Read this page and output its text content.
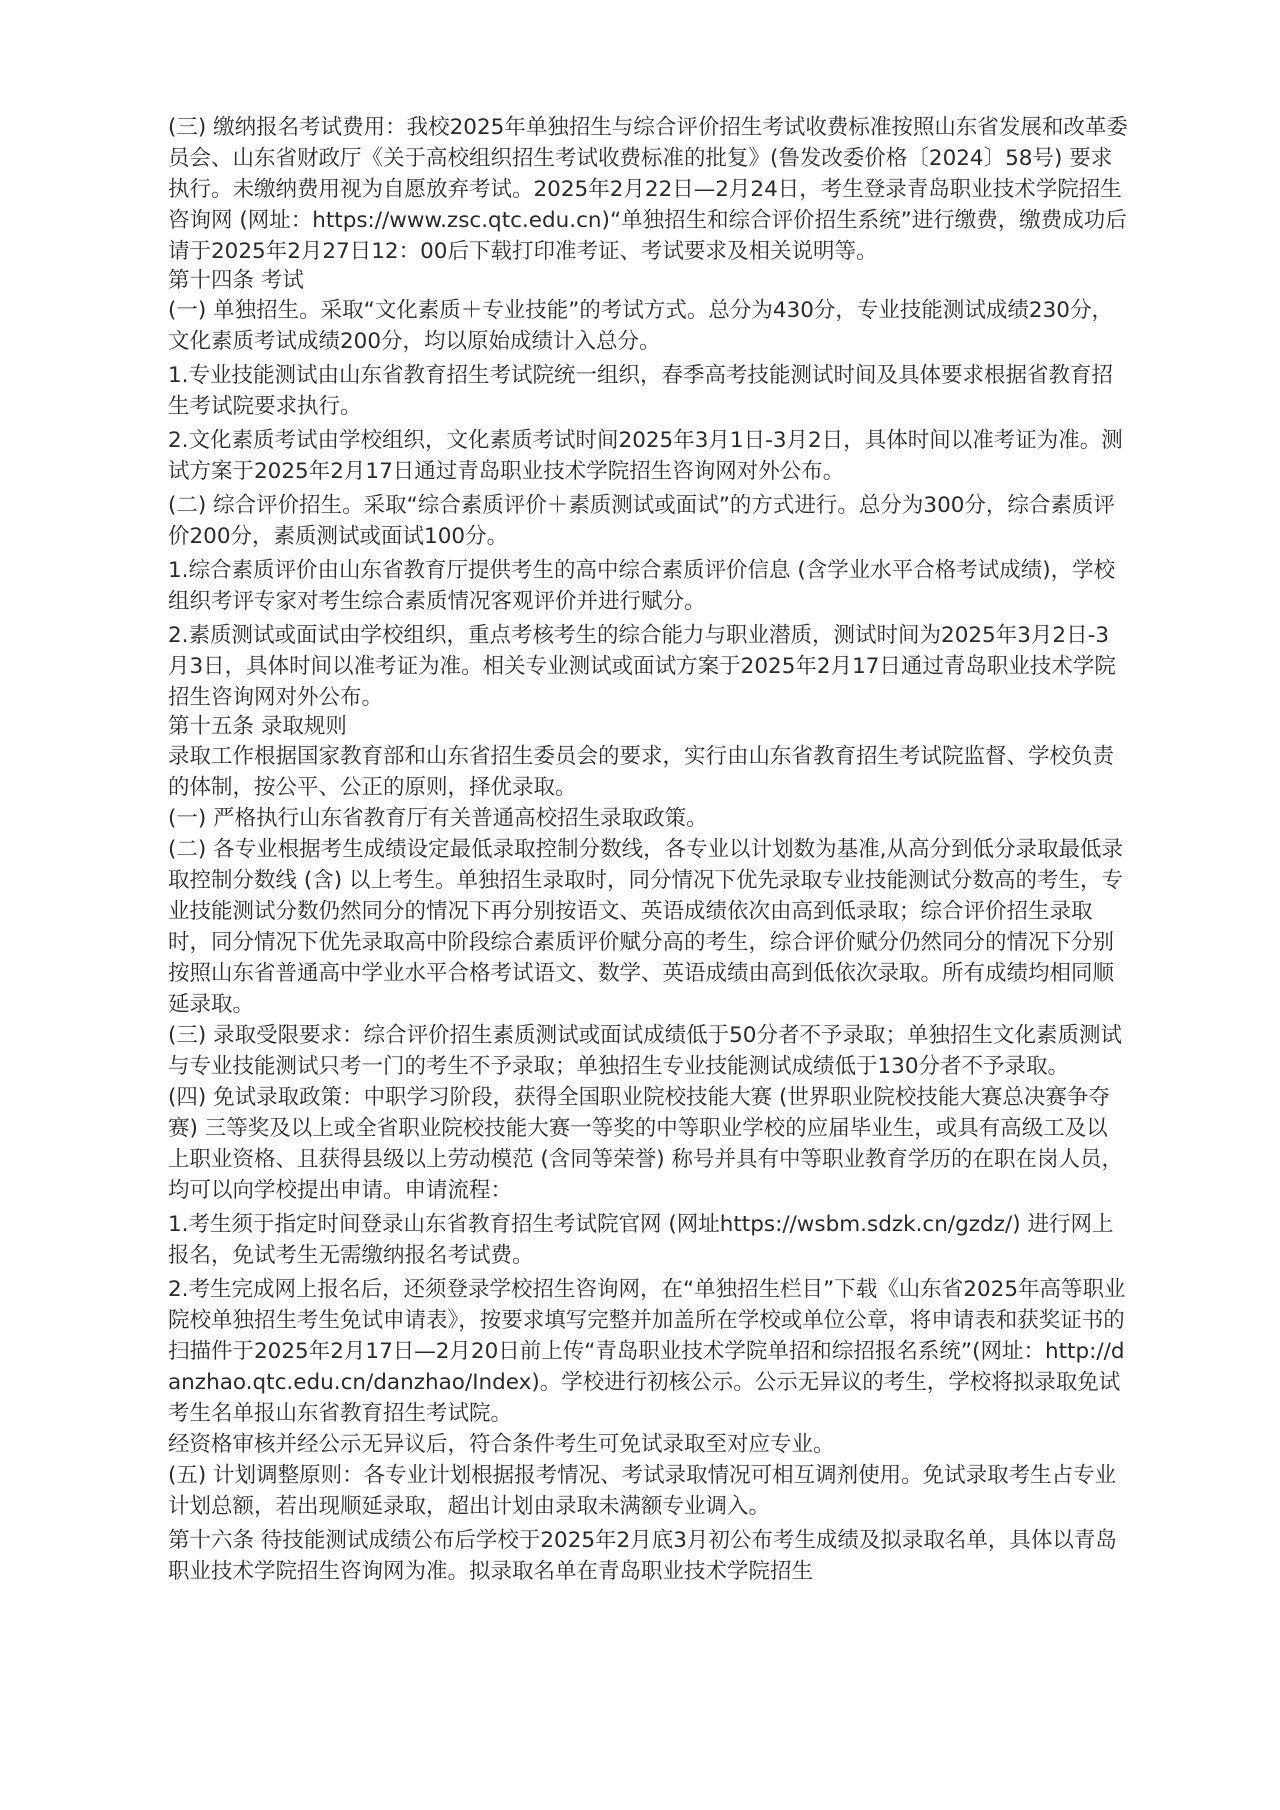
(三) 缴纳报名考试费用：我校2025年单独招生与综合评价招生考试收费标准按照山东省发展和改革委员会、山东省财政厅《关于高校组织招生考试收费标准的批复》(鲁发改委价格〔2024〕58号) 要求执行。未缴纳费用视为自愿放弃考试。2025年2月22日—2月24日，考生登录青岛职业技术学院招生咨询网 (网址：https://www.zsc.qtc.edu.cn)“单独招生和综合评价招生系统”进行缴费，缴费成功后请于2025年2月27日12：00后下载打印准考证、考试要求及相关说明等。

第十四条 考试

(一) 单独招生。采取“文化素质＋专业技能”的考试方式。总分为430分，专业技能测试成绩230分，文化素质考试成绩200分，均以原始成绩计入总分。

1.专业技能测试由山东省教育招生考试院统一组织，春季高考技能测试时间及具体要求根据省教育招生考试院要求执行。

2.文化素质考试由学校组织，文化素质考试时间2025年3月1日-3月2日，具体时间以准考证为准。测试方案于2025年2月17日通过青岛职业技术学院招生咨询网对外公布。

(二) 综合评价招生。采取“综合素质评价＋素质测试或面试”的方式进行。总分为300分，综合素质评价200分，素质测试或面试100分。

1.综合素质评价由山东省教育厅提供考生的高中综合素质评价信息 (含学业水平合格考试成绩)，学校组织考评专家对考生综合素质情况客观评价并进行赋分。

2.素质测试或面试由学校组织，重点考核考生的综合能力与职业潜质，测试时间为2025年3月2日-3月3日，具体时间以准考证为准。相关专业测试或面试方案于2025年2月17日通过青岛职业技术学院招生咨询网对外公布。

第十五条 录取规则

录取工作根据国家教育部和山东省招生委员会的要求，实行由山东省教育招生考试院监督、学校负责的体制，按公平、公正的原则，择优录取。

(一) 严格执行山东省教育厅有关普通高校招生录取政策。

(二) 各专业根据考生成绩设定最低录取控制分数线，各专业以计划数为基准,从高分到低分录取最低录取控制分数线 (含) 以上考生。单独招生录取时，同分情况下优先录取专业技能测试分数高的考生，专业技能测试分数仍然同分的情况下再分别按语文、英语成绩依次由高到低录取；综合评价招生录取时，同分情况下优先录取高中阶段综合素质评价赋分高的考生，综合评价赋分仍然同分的情况下分别按照山东省普通高中学业水平合格考试语文、数学、英语成绩由高到低依次录取。所有成绩均相同顺延录取。

(三) 录取受限要求：综合评价招生素质测试或面试成绩低于50分者不予录取；单独招生文化素质测试与专业技能测试只考一门的考生不予录取；单独招生专业技能测试成绩低于130分者不予录取。

(四) 免试录取政策：中职学习阶段，获得全国职业院校技能大赛 (世界职业院校技能大赛总决赛争夺赛) 三等奖及以上或全省职业院校技能大赛一等奖的中等职业学校的应届毕业生，或具有高级工及以上职业资格、且获得县级以上劳动模范 (含同等荣誉) 称号并具有中等职业教育学历的在职在岗人员，均可以向学校提出申请。申请流程：

1.考生须于指定时间登录山东省教育招生考试院官网 (网址https://wsbm.sdzk.cn/gzdz/) 进行网上报名，免试考生无需缴纳报名考试费。

2.考生完成网上报名后，还须登录学校招生咨询网，在“单独招生栏目”下载《山东省2025年高等职业院校单独招生考生免试申请表》，按要求填写完整并加盖所在学校或单位公章，将申请表和获奖证书的扫描件于2025年2月17日—2月20日前上传“青岛职业技术学院单招和综招报名系统”(网址：http://danzhao.qtc.edu.cn/danzhao/Index)。学校进行初核公示。公示无异议的考生，学校将拟录取免试考生名单报山东省教育招生考试院。

经资格审核并经公示无异议后，符合条件考生可免试录取至对应专业。

(五) 计划调整原则：各专业计划根据报考情况、考试录取情况可相互调剂使用。免试录取考生占专业计划总额，若出现顺延录取，超出计划由录取未满额专业调入。

第十六条 待技能测试成绩公布后学校于2025年2月底3月初公布考生成绩及拟录取名单，具体以青岛职业技术学院招生咨询网为准。拟录取名单在青岛职业技术学院招生
